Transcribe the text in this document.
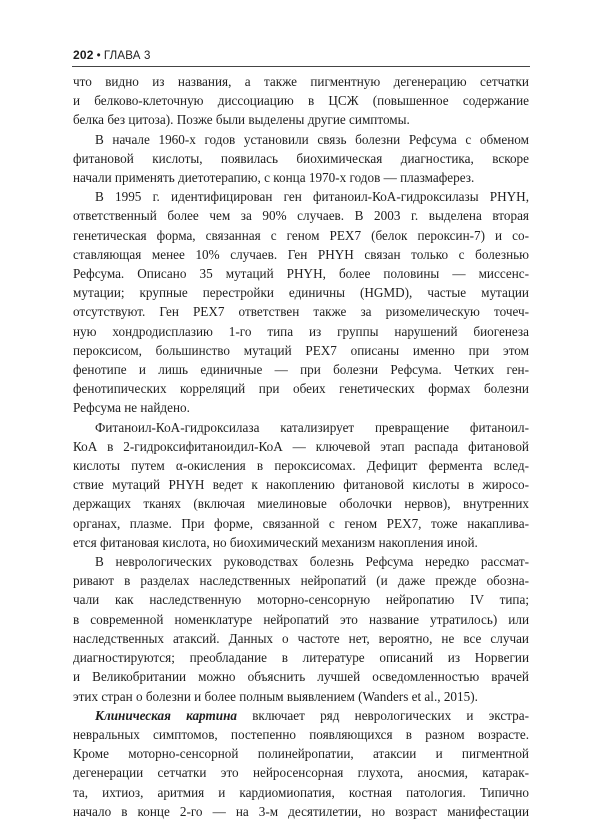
202 • ГЛАВА 3

что видно из названия, а также пигментную дегенерацию сетчатки

и белково-клеточную диссоциацию в ЦСЖ (повышенное содержание

белка без цитоза). Позже были выделены другие симптомы.

В начале 1960-х годов установили связь болезни Рефсума с обменом

фитановой кислоты, появилась биохимическая диагностика, вскоре

начали применять диетотерапию, с конца 1970-х годов — плазмаферез.

В 1995 г. идентифицирован ген фитаноил-КоА-гидроксилазы PHYH,

ответственный более чем за 90% случаев. В 2003 г. выделена вторая

генетическая форма, связанная с геном PEX7 (белок пероксин-7) и со-

ставляющая менее 10% случаев. Ген PHYH связан только с болезнью

Рефсума. Описано 35 мутаций PHYH, более половины — миссенс-

мутации; крупные перестройки единичны (HGMD), частые мутации

отсутствуют. Ген PEX7 ответствен также за ризомелическую точеч-

ную хондродисплазию 1-го типа из группы нарушений биогенеза

пероксисом, большинство мутаций PEX7 описаны именно при этом

фенотипе и лишь единичные — при болезни Рефсума. Четких ген-

фенотипических корреляций при обеих генетических формах болезни

Рефсума не найдено.

Фитаноил-КоА-гидроксилаза катализирует превращение фитаноил-

КоА в 2-гидроксифитаноидил-КоА — ключевой этап распада фитановой

кислоты путем α-окисления в пероксисомах. Дефицит фермента вслед-

ствие мутаций PHYH ведет к накоплению фитановой кислоты в жиросо-

держащих тканях (включая миелиновые оболочки нервов), внутренних

органах, плазме. При форме, связанной с геном PEX7, тоже накаплива-

ется фитановая кислота, но биохимический механизм накопления иной.

В неврологических руководствах болезнь Рефсума нередко рассмат-

ривают в разделах наследственных нейропатий (и даже прежде обозна-

чали как наследственную моторно-сенсорную нейропатию IV типа;

в современной номенклатуре нейропатий это название утратилось) или

наследственных атаксий. Данных о частоте нет, вероятно, не все случаи

диагностируются; преобладание в литературе описаний из Норвегии

и Великобритании можно объяснить лучшей осведомленностью врачей

этих стран о болезни и более полным выявлением (Wanders et al., 2015).

Клиническая картина включает ряд неврологических и экстра-

невральных симптомов, постепенно появляющихся в разном возрасте.

Кроме моторно-сенсорной полинейропатии, атаксии и пигментной

дегенерации сетчатки это нейросенсорная глухота, аносмия, катарак-

та, ихтиоз, аритмия и кардиомиопатия, костная патология. Типично

начало в конце 2-го — на 3-м десятилетии, но возраст манифестации
